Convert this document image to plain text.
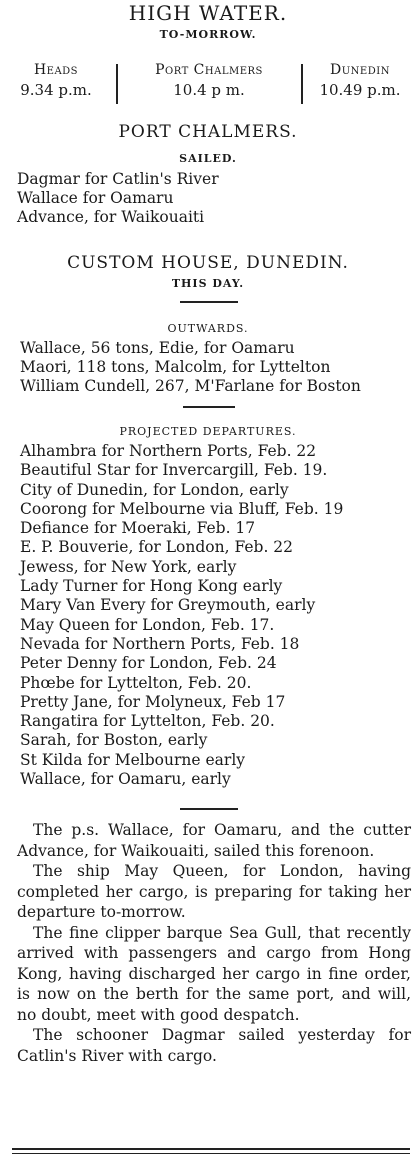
HIGH WATER.
TO-MORROW.
Heads
9.34 p.m.
Port Chalmers
10.4 p m.
Dunedin
10.49 p.m.
PORT CHALMERS.
SAILED.
Dagmar for Catlin's River
Wallace for Oamaru
Advance, for Waikouaiti
CUSTOM HOUSE, DUNEDIN.
THIS DAY.
OUTWARDS.
Wallace, 56 tons, Edie, for Oamaru
Maori, 118 tons, Malcolm, for Lyttelton
William Cundell, 267, M'Farlane for Boston
PROJECTED DEPARTURES.
Alhambra for Northern Ports, Feb. 22
Beautiful Star for Invercargill, Feb. 19.
City of Dunedin, for London, early
Coorong for Melbourne via Bluff, Feb. 19
Defiance for Moeraki, Feb. 17
E. P. Bouverie, for London, Feb. 22
Jewess, for New York, early
Lady Turner for Hong Kong early
Mary Van Every for Greymouth, early
May Queen for London, Feb. 17.
Nevada for Northern Ports, Feb. 18
Peter Denny for London, Feb. 24
Phœbe for Lyttelton, Feb. 20.
Pretty Jane, for Molyneux, Feb 17
Rangatira for Lyttelton, Feb. 20.
Sarah, for Boston, early
St Kilda for Melbourne early
Wallace, for Oamaru, early

The p.s. Wallace, for Oamaru, and the cutter Advance, for Waikouaiti, sailed this forenoon.

The ship May Queen, for London, having completed her cargo, is preparing for taking her departure to-morrow.

The fine clipper barque Sea Gull, that recently arrived with passengers and cargo from Hong Kong, having discharged her cargo in fine order, is now on the berth for the same port, and will, no doubt, meet with good despatch.

The schooner Dagmar sailed yesterday for Catlin's River with cargo.
